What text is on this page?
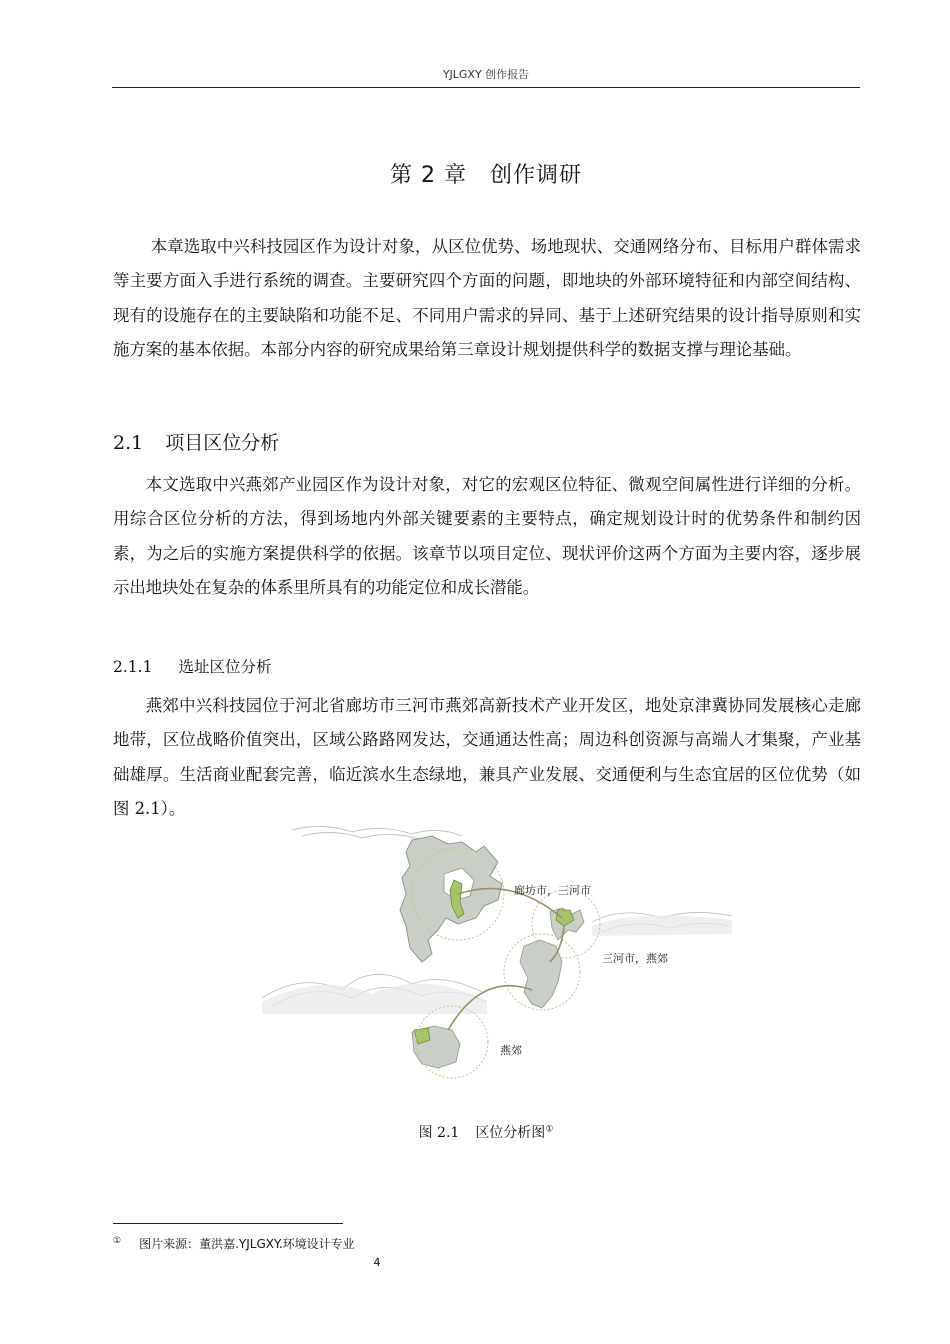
YJLGXY 创作报告
第 2 章　创作调研
本章选取中兴科技园区作为设计对象，从区位优势、场地现状、交通网络分布、目标用户群体需求等主要方面入手进行系统的调查。主要研究四个方面的问题，即地块的外部环境特征和内部空间结构、现有的设施存在的主要缺陷和功能不足、不同用户需求的异同、基于上述研究结果的设计指导原则和实施方案的基本依据。本部分内容的研究成果给第三章设计规划提供科学的数据支撑与理论基础。
2.1 项目区位分析
本文选取中兴燕郊产业园区作为设计对象，对它的宏观区位特征、微观空间属性进行详细的分析。用综合区位分析的方法，得到场地内外部关键要素的主要特点，确定规划设计时的优势条件和制约因素，为之后的实施方案提供科学的依据。该章节以项目定位、现状评价这两个方面为主要内容，逐步展示出地块处在复杂的体系里所具有的功能定位和成长潜能。
2.1.1 选址区位分析
燕郊中兴科技园位于河北省廊坊市三河市燕郊高新技术产业开发区，地处京津冀协同发展核心走廊地带，区位战略价值突出，区域公路路网发达，交通通达性高；周边科创资源与高端人才集聚，产业基础雄厚。生活商业配套完善，临近滨水生态绿地，兼具产业发展、交通便利与生态宜居的区位优势（如图 2.1）。
廊坊市，三河市
三河市，燕郊
燕郊
图 2.1 区位分析图①
① 图片来源：董洪嘉.YJLGXY.环境设计专业
4
